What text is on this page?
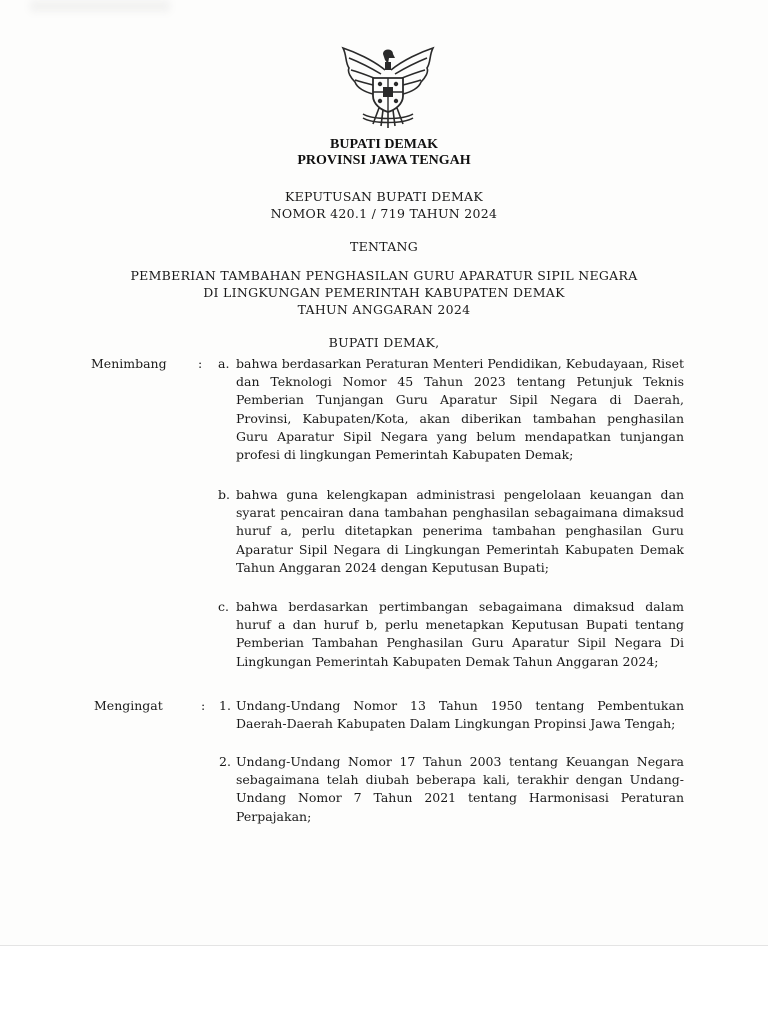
BUPATI DEMAK
PROVINSI JAWA TENGAH
KEPUTUSAN BUPATI DEMAK
NOMOR 420.1 / 719 TAHUN 2024
TENTANG
PEMBERIAN TAMBAHAN PENGHASILAN GURU APARATUR SIPIL NEGARA
DI LINGKUNGAN PEMERINTAH KABUPATEN DEMAK
TAHUN ANGGARAN 2024
BUPATI DEMAK,
Menimbang	: a. bahwa berdasarkan Peraturan Menteri Pendidikan, Kebudayaan, Riset dan Teknologi Nomor 45 Tahun 2023 tentang Petunjuk Teknis Pemberian Tunjangan Guru Aparatur Sipil Negara di Daerah, Provinsi, Kabupaten/Kota, akan diberikan tambahan penghasilan Guru Aparatur Sipil Negara yang belum mendapatkan tunjangan profesi di lingkungan Pemerintah Kabupaten Demak;

b. bahwa guna kelengkapan administrasi pengelolaan keuangan dan syarat pencairan dana tambahan penghasilan sebagaimana dimaksud huruf a, perlu ditetapkan penerima tambahan penghasilan Guru Aparatur Sipil Negara di Lingkungan Pemerintah Kabupaten Demak Tahun Anggaran 2024 dengan Keputusan Bupati;

c. bahwa berdasarkan pertimbangan sebagaimana dimaksud dalam huruf a dan huruf b, perlu menetapkan Keputusan Bupati tentang Pemberian Tambahan Penghasilan Guru Aparatur Sipil Negara Di Lingkungan Pemerintah Kabupaten Demak Tahun Anggaran 2024;

Mengingat	: 1. Undang-Undang Nomor 13 Tahun 1950 tentang Pembentukan Daerah-Daerah Kabupaten Dalam Lingkungan Propinsi Jawa Tengah;

2. Undang-Undang Nomor 17 Tahun 2003 tentang Keuangan Negara sebagaimana telah diubah beberapa kali, terakhir dengan Undang-Undang Nomor 7 Tahun 2021 tentang Harmonisasi Peraturan Perpajakan;
